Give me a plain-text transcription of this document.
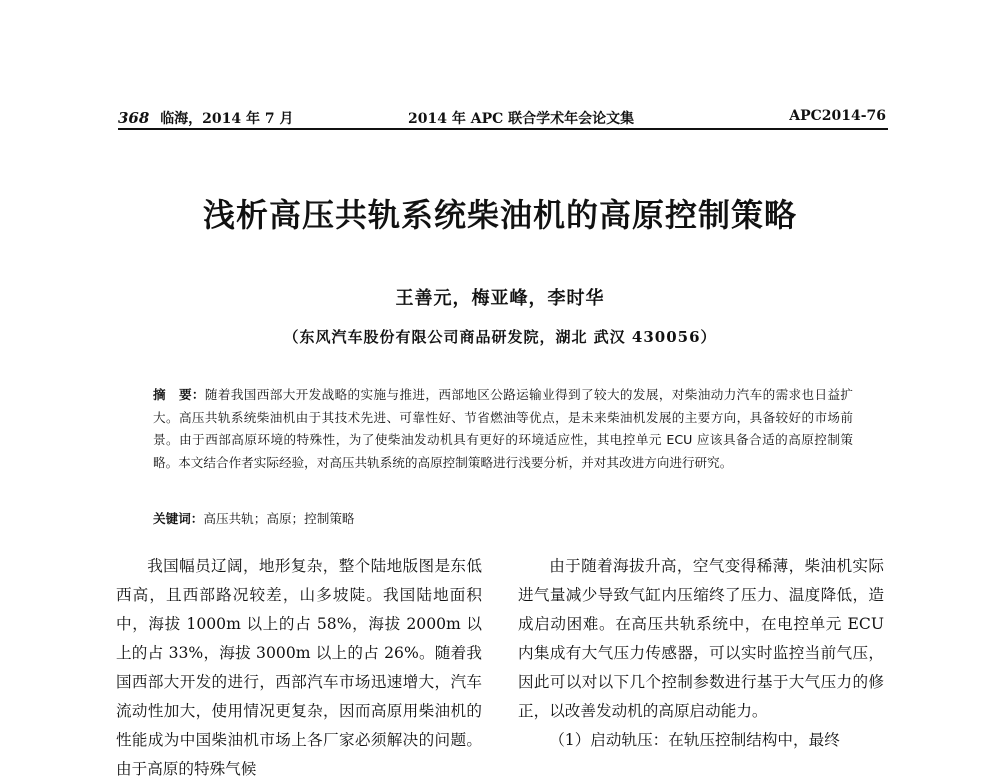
368 临海，2014 年 7 月	2014 年 APC 联合学术年会论文集	APC2014-76
浅析高压共轨系统柴油机的高原控制策略
王善元，梅亚峰，李时华
（东风汽车股份有限公司商品研发院，湖北 武汉 430056）
摘　要：随着我国西部大开发战略的实施与推进，西部地区公路运输业得到了较大的发展，对柴油动力汽车的需求也日益扩大。高压共轨系统柴油机由于其技术先进、可靠性好、节省燃油等优点，是未来柴油机发展的主要方向，具备较好的市场前景。由于西部高原环境的特殊性，为了使柴油发动机具有更好的环境适应性，其电控单元 ECU 应该具备合适的高原控制策略。本文结合作者实际经验，对高压共轨系统的高原控制策略进行浅要分析，并对其改进方向进行研究。
关键词：高压共轨；高原；控制策略

我国幅员辽阔，地形复杂，整个陆地版图是东低西高，且西部路况较差，山多坡陡。我国陆地面积中，海拔 1000m 以上的占 58%，海拔 2000m 以上的占 33%，海拔 3000m 以上的占 26%。随着我国西部大开发的进行，西部汽车市场迅速增大，汽车流动性加大，使用情况更复杂，因而高原用柴油机的性能成为中国柴油机市场上各厂家必须解决的问题。由于高原的特殊气候

由于随着海拔升高，空气变得稀薄，柴油机实际进气量减少导致气缸内压缩终了压力、温度降低，造成启动困难。在高压共轨系统中，在电控单元 ECU 内集成有大气压力传感器，可以实时监控当前气压，因此可以对以下几个控制参数进行基于大气压力的修正，以改善发动机的高原启动能力。

（1）启动轨压：在轨压控制结构中，最终
